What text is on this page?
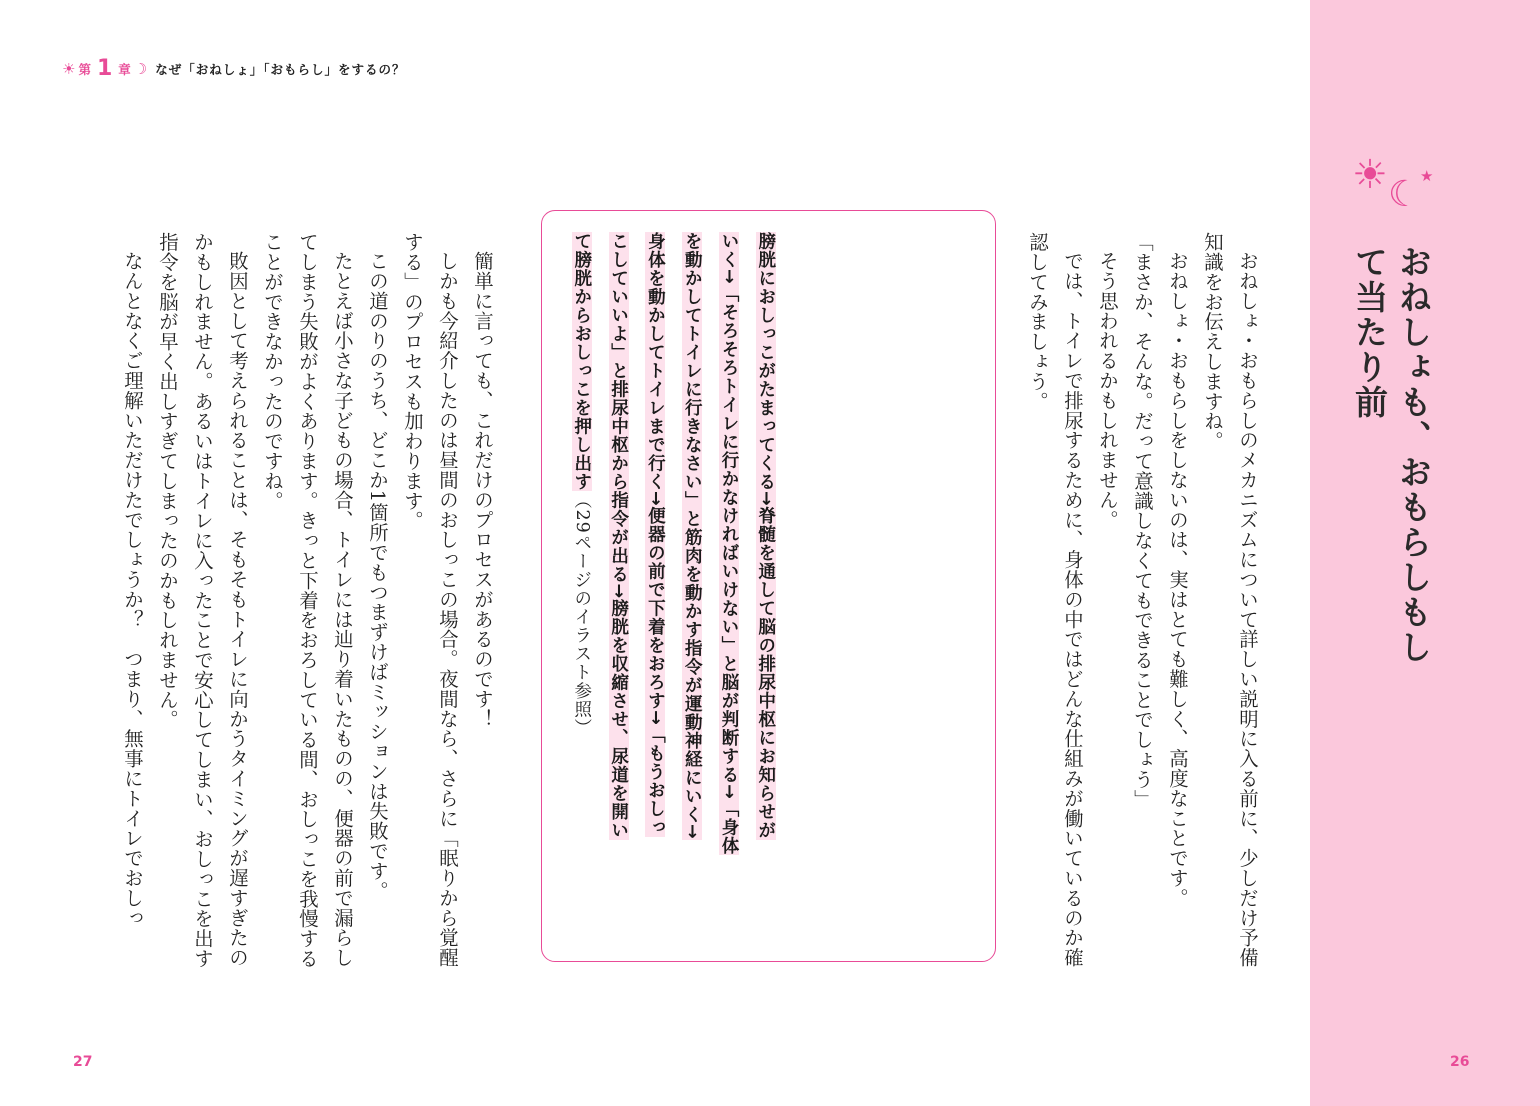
☀ 第 1 章 ☽ なぜ「おねしょ」「おもらし」をするの？
☀ ☾ ★
おねしょも、おもらしもして当たり前

おねしょ・おもらしのメカニズムについて詳しい説明に入る前に、少しだけ予備知識をお伝えしますね。

おねしょ・おもらしをしないのは、実はとても難しく、高度なことです。

「まさか、そんな。だって意識しなくてもできることでしょう」

そう思われるかもしれません。

では、トイレで排尿するために、身体の中ではどんな仕組みが働いているのか確認してみましょう。

膀胱におしっこがたまってくる→脊髄を通して脳の排尿中枢にお知らせが
いく→「そろそろトイレに行かなければいけない」と脳が判断する→「身体
を動かしてトイレに行きなさい」と筋肉を動かす指令が運動神経にいく→
身体を動かしてトイレまで行く→便器の前で下着をおろす→「もうおしっ
こしていいよ」と排尿中枢から指令が出る→膀胱を収縮させ、尿道を開い
て膀胱からおしっこを押し出す（29ページのイラスト参照）

簡単に言っても、これだけのプロセスがあるのです！

しかも今紹介したのは昼間のおしっこの場合。夜間なら、さらに「眠りから覚醒する」のプロセスも加わります。

この道のりのうち、どこか1箇所でもつまずけばミッションは失敗です。

たとえば小さな子どもの場合、トイレには辿り着いたものの、便器の前で漏らしてしまう失敗がよくあります。きっと下着をおろしている間、おしっこを我慢することができなかったのですね。

敗因として考えられることは、そもそもトイレに向かうタイミングが遅すぎたのかもしれません。あるいはトイレに入ったことで安心してしまい、おしっこを出す指令を脳が早く出しすぎてしまったのかもしれません。

なんとなくご理解いただけたでしょうか？　つまり、無事にトイレでおしっ

27	26
